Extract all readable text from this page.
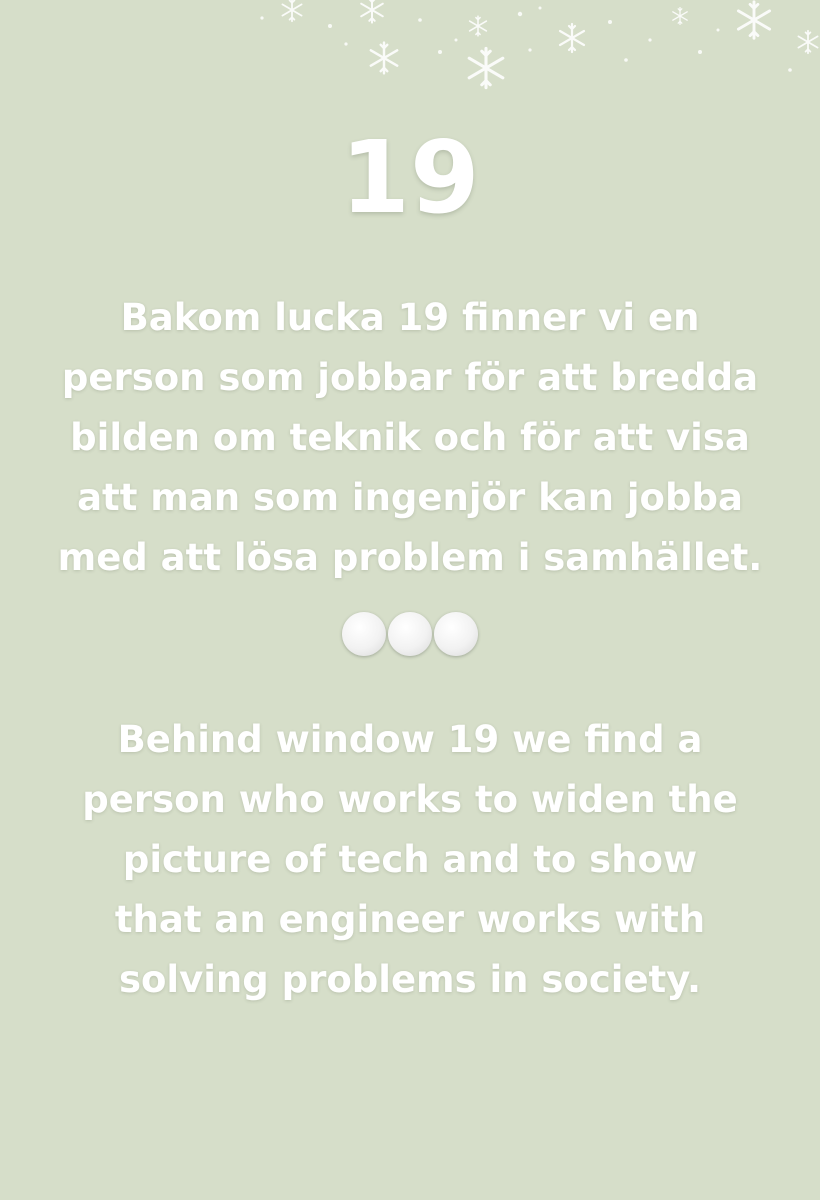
19
Bakom lucka 19 finner vi en
person som jobbar för att bredda
bilden om teknik och för att visa
att man som ingenjör kan jobba
med att lösa problem i samhället.
Behind window 19 we find a
person who works to widen the
picture of tech and to show
that an engineer works with
solving problems in society.
